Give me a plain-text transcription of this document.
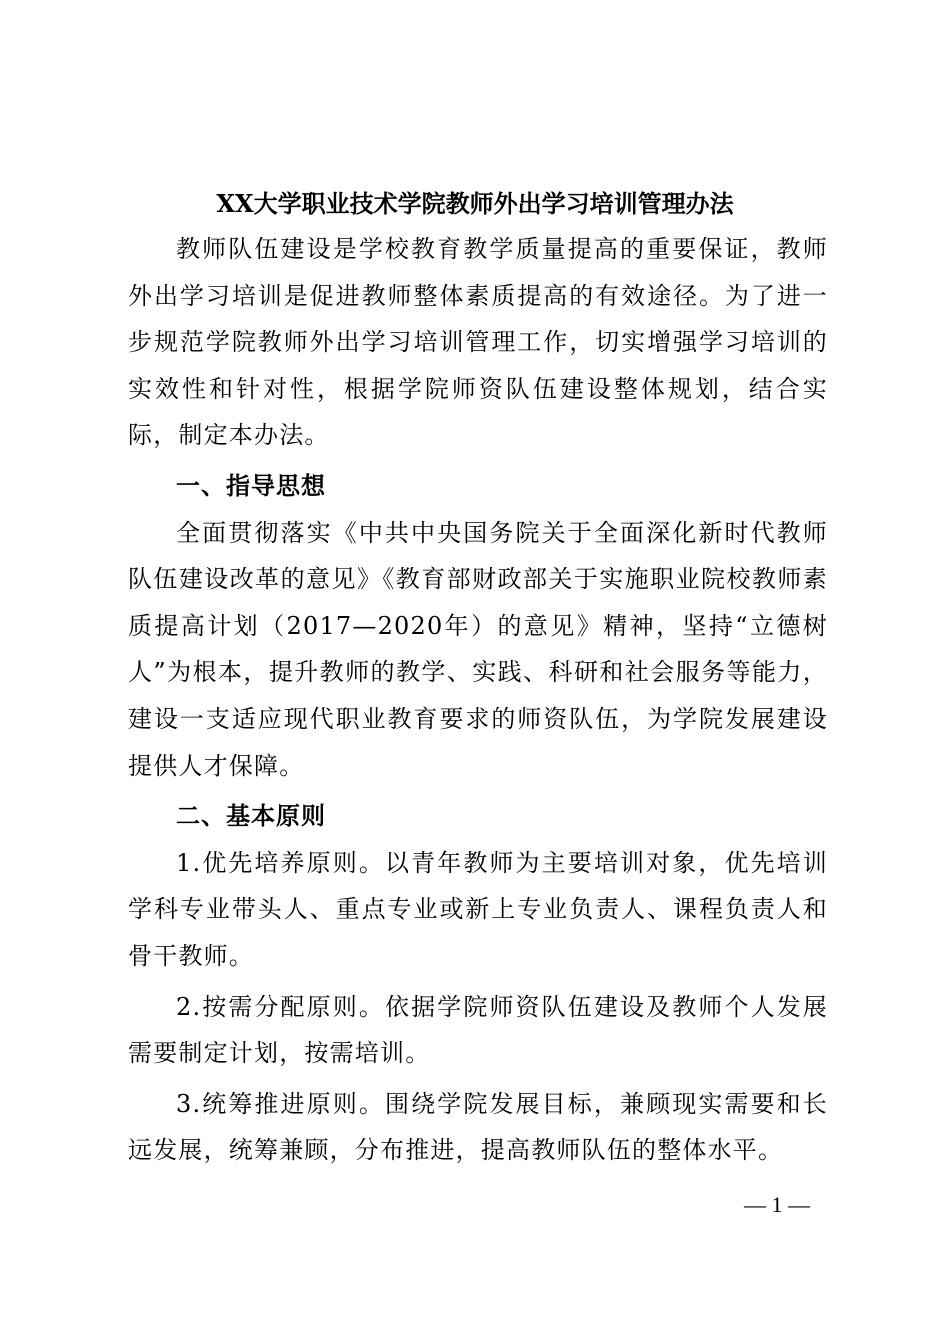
XX大学职业技术学院教师外出学习培训管理办法

教师队伍建设是学校教育教学质量提高的重要保证，教师外出学习培训是促进教师整体素质提高的有效途径。为了进一步规范学院教师外出学习培训管理工作，切实增强学习培训的实效性和针对性，根据学院师资队伍建设整体规划，结合实际，制定本办法。

一、指导思想

全面贯彻落实《中共中央国务院关于全面深化新时代教师队伍建设改革的意见》《教育部财政部关于实施职业院校教师素质提高计划（2017—2020年）的意见》精神，坚持“立德树人”为根本，提升教师的教学、实践、科研和社会服务等能力，建设一支适应现代职业教育要求的师资队伍，为学院发展建设提供人才保障。

二、基本原则

1.优先培养原则。以青年教师为主要培训对象，优先培训学科专业带头人、重点专业或新上专业负责人、课程负责人和骨干教师。

2.按需分配原则。依据学院师资队伍建设及教师个人发展需要制定计划，按需培训。

3.统筹推进原则。围绕学院发展目标，兼顾现实需要和长远发展，统筹兼顾，分布推进，提高教师队伍的整体水平。

— 1 —
